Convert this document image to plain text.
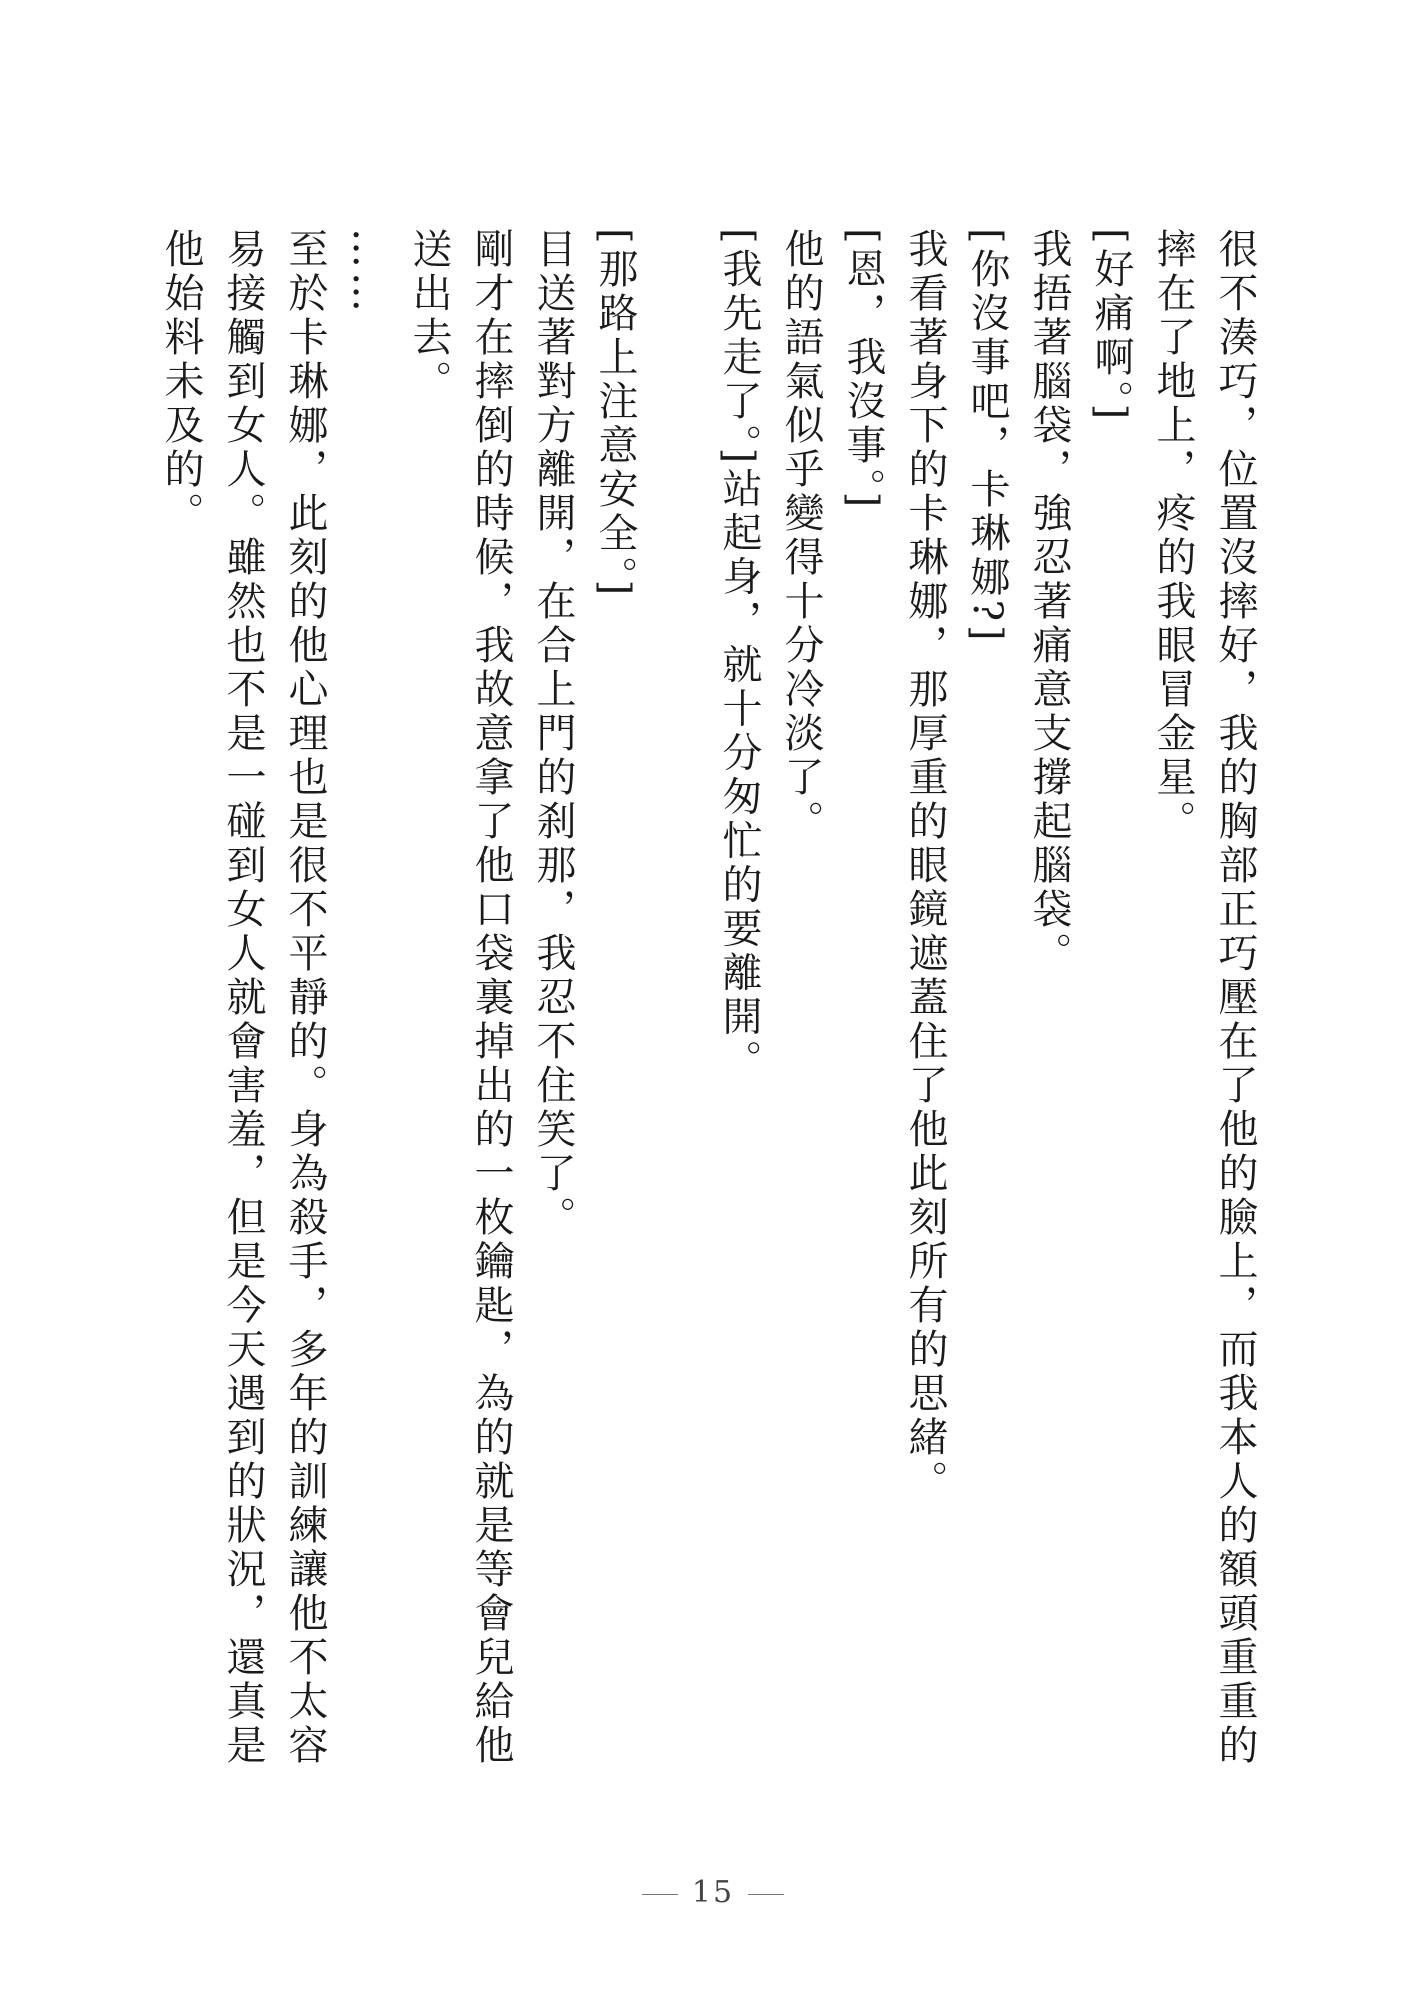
很不湊巧，位置沒摔好，我的胸部正巧壓在了他的臉上，而我本人的額頭重重的摔在了地上，疼的我眼冒金星。

[好痛啊。]

我捂著腦袋，強忍著痛意支撐起腦袋。

[你沒事吧，卡琳娜?]

我看著身下的卡琳娜，那厚重的眼鏡遮蓋住了他此刻所有的思緒。

[恩，我沒事。]

他的語氣似乎變得十分冷淡了。

[我先走了。]站起身，就十分匆忙的要離開。

[那路上注意安全。]

目送著對方離開，在合上門的刹那，我忍不住笑了。

剛才在摔倒的時候，我故意拿了他口袋裏掉出的一枚鑰匙，為的就是等會兒給他送出去。

……

至於卡琳娜，此刻的他心理也是很不平靜的。身為殺手，多年的訓練讓他不太容易接觸到女人。雖然也不是一碰到女人就會害羞，但是今天遇到的狀況，還真是他始料未及的。

15
